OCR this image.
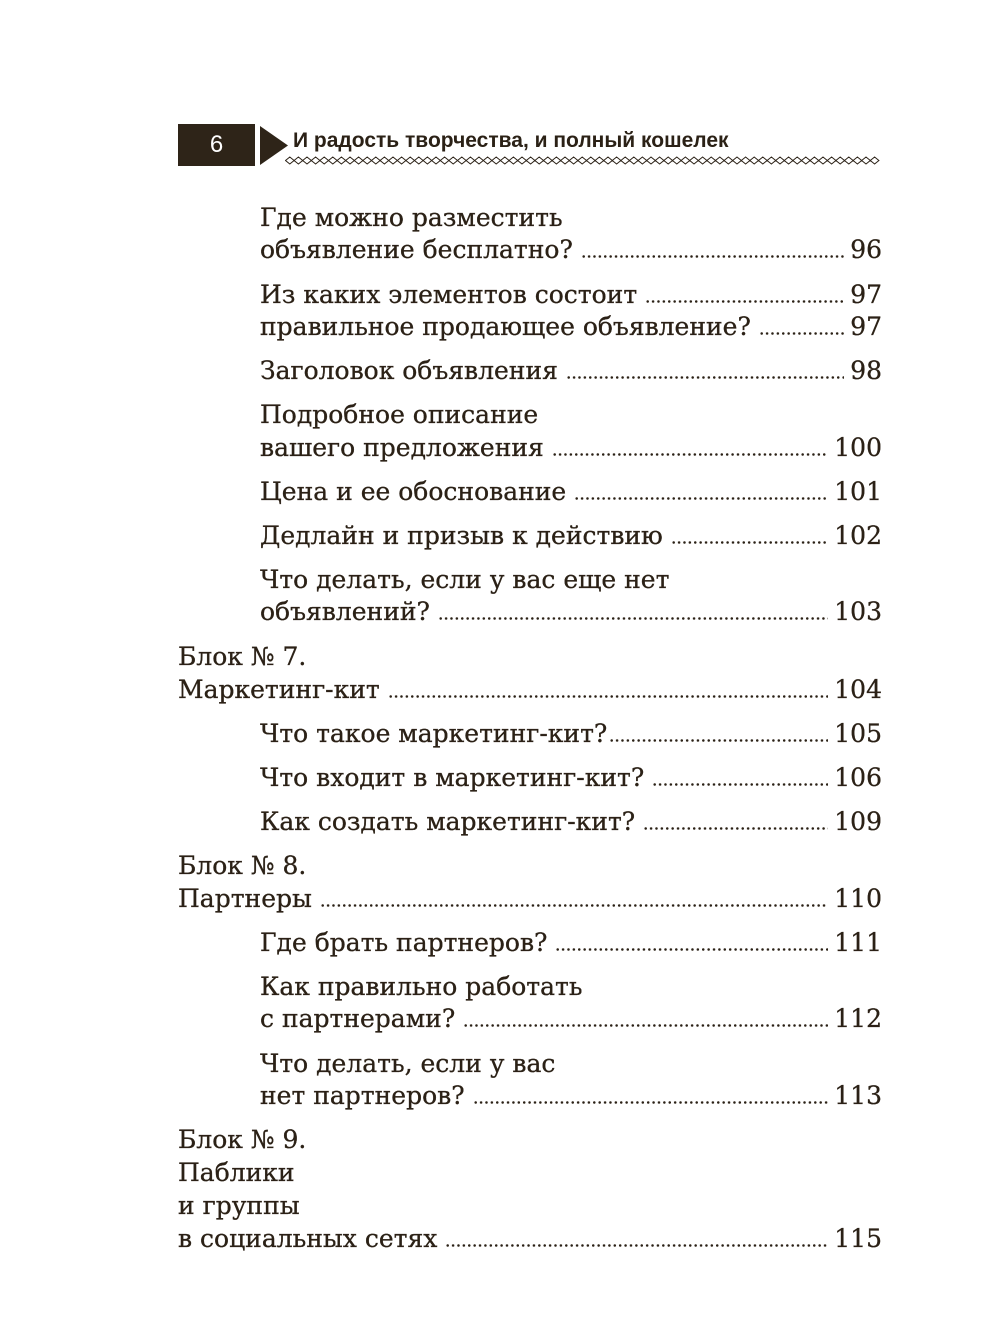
6	И радость творчества, и полный кошелек
Где можно разместить
объявление бесплатно?	96
Из каких элементов состоит	97
правильное продающее объявление?	97
Заголовок объявления	98
Подробное описание
вашего предложения	100
Цена и ее обоснование	101
Дедлайн и призыв к действию	102
Что делать, если у вас еще нет
объявлений?	103
Блок № 7.
Маркетинг-кит	104
Что такое маркетинг-кит?	105
Что входит в маркетинг-кит?	106
Как создать маркетинг-кит?	109
Блок № 8.
Партнеры	110
Где брать партнеров?	111
Как правильно работать
с партнерами?	112
Что делать, если у вас
нет партнеров?	113
Блок № 9.
Паблики
и группы
в социальных сетях	115
